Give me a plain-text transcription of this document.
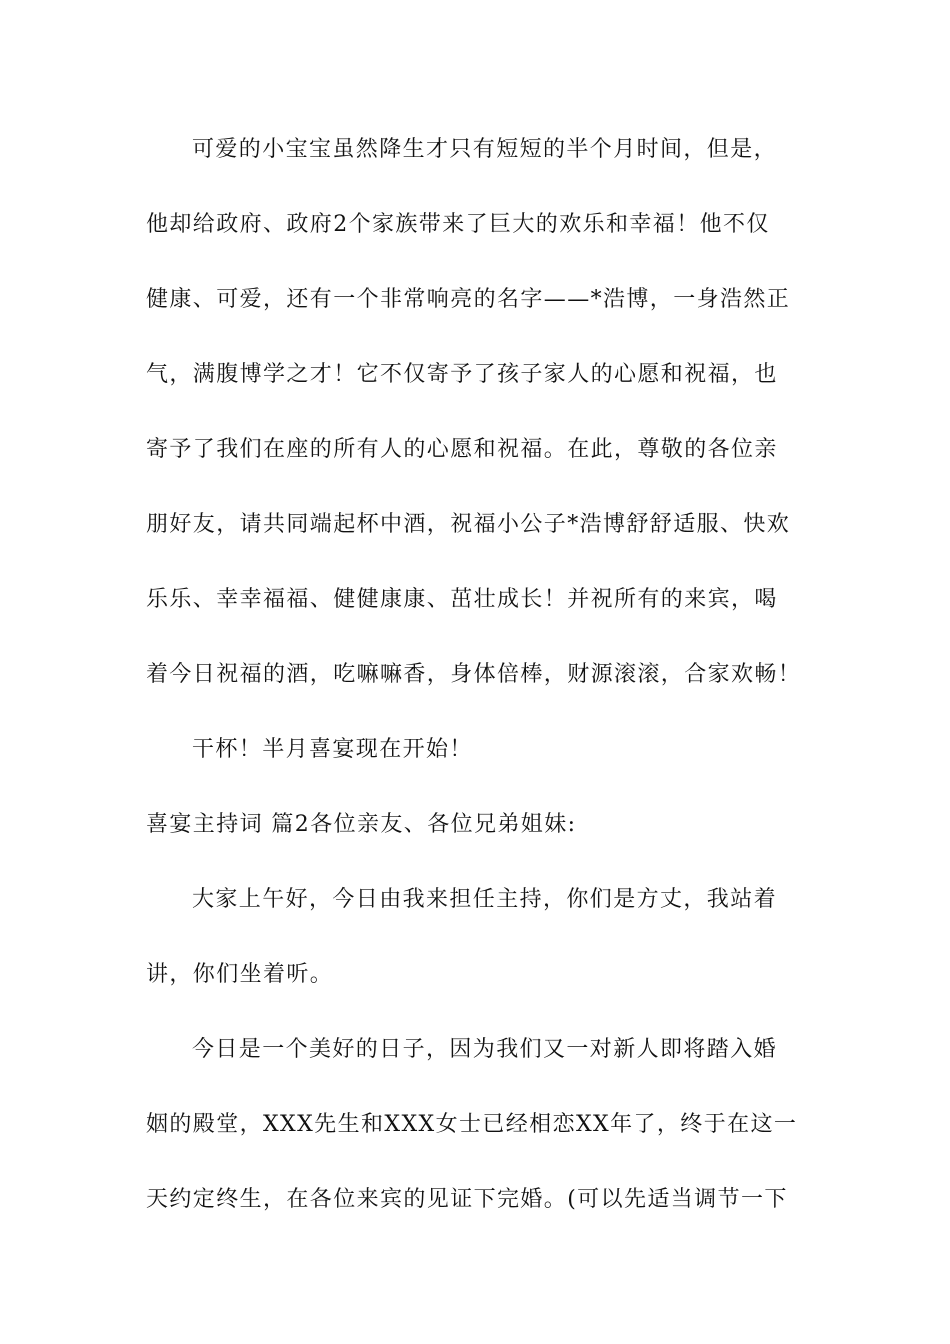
可爱的小宝宝虽然降生才只有短短的半个月时间，但是，

他却给政府、政府2个家族带来了巨大的欢乐和幸福！他不仅

健康、可爱，还有一个非常响亮的名字——*浩博，一身浩然正

气，满腹博学之才！它不仅寄予了孩子家人的心愿和祝福，也

寄予了我们在座的所有人的心愿和祝福。在此，尊敬的各位亲

朋好友，请共同端起杯中酒，祝福小公子*浩博舒舒适服、快欢

乐乐、幸幸福福、健健康康、茁壮成长！并祝所有的来宾，喝

着今日祝福的酒，吃嘛嘛香，身体倍棒，财源滚滚，合家欢畅！

干杯！半月喜宴现在开始！

喜宴主持词 篇2各位亲友、各位兄弟姐妹:

大家上午好，今日由我来担任主持，你们是方丈，我站着

讲，你们坐着听。

今日是一个美好的日子，因为我们又一对新人即将踏入婚

姻的殿堂，XXX先生和XXX女士已经相恋XX年了，终于在这一

天约定终生，在各位来宾的见证下完婚。(可以先适当调节一下
